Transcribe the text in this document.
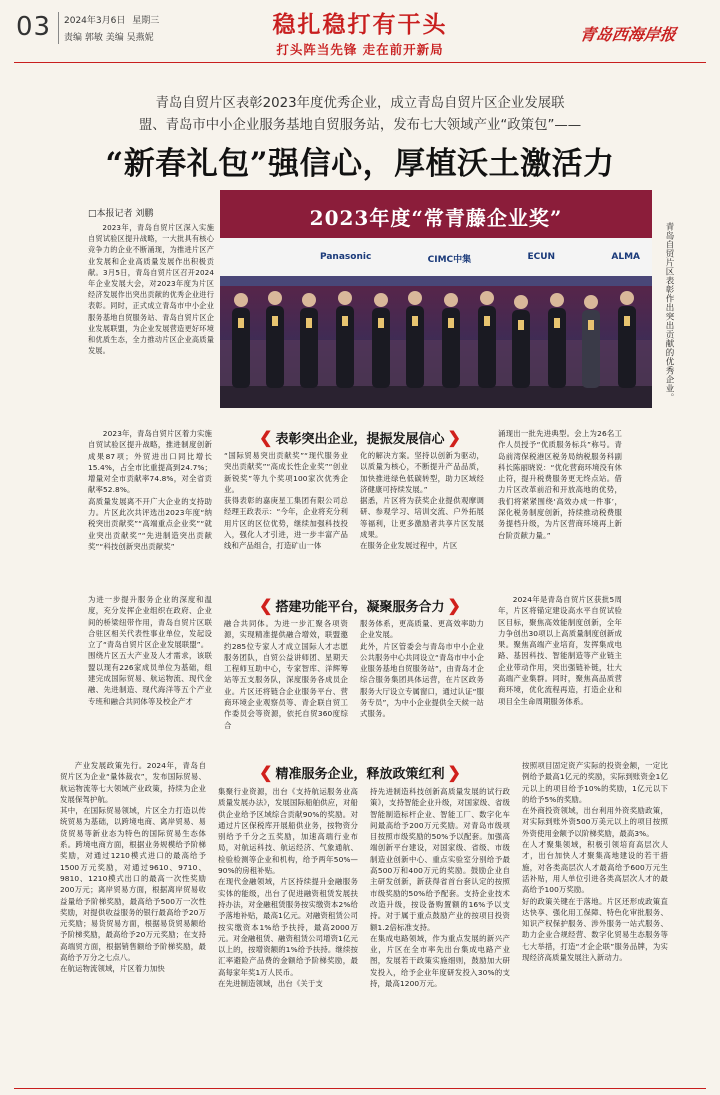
03 2024年3月6日 星期三
责编 郭敏 美编 吴燕妮	稳扎稳打有干头
打头阵当先锋 走在前开新局
青岛西海岸报
青岛自贸片区表彰2023年度优秀企业，成立青岛自贸片区企业发展联
盟、青岛市中小企业服务基地自贸服务站，发布七大领域产业“政策包”——
“新春礼包”强信心，厚植沃土激活力
□本报记者 刘鹏
2023年，青岛自贸片区深入实施自贸试验区提升战略，一大批具有核心竞争力的企业不断涌现，为推进片区产业发展和企业高质量发展作出积极贡献。3月5日，青岛自贸片区召开2024年企业发展大会，对2023年度为片区经济发展作出突出贡献的优秀企业进行表彰。同时，正式成立青岛市中小企业服务基地自贸服务站、青岛自贸片区企业发展联盟，为企业发展营造更好环境和优质生态，全力推动片区企业高质量发展。
2023年度“常青藤企业奖”
Panasonic	CIMC中集	ECUN	ALMA	青岛自贸片区表彰作出突出贡献的优秀企业。
❮ 表彰突出企业，提振发展信心 ❯
2023年，青岛自贸片区着力实施自贸试验区提升战略，推进制度创新成果87项；外贸进出口同比增长15.4%，占全市比重提高到24.7%；增量对全市贡献率74.8%，对全省贡献率52.8%。
高质量发展离不开广大企业的支持助力。片区此次共评选出2023年度“纳税突出贡献奖”“高端重点企业奖”“就业突出贡献奖”“先进制造突出贡献奖”“科技创新突出贡献奖”
“国际贸易突出贡献奖”“现代服务业突出贡献奖”“高成长性企业奖”“创业新锐奖”等九个奖项100家次优秀企业。
获得表彰的嘉庚星工集团有限公司总经理王政表示：“今年，企业将充分利用片区的区位优势，继续加强科技投入，强化人才引进，进一步丰富产品线和产品组合，打造矿山一体
化的解决方案。坚持以创新为驱动，以质量为核心，不断提升产品品质，加快推进绿色低碳转型，助力区域经济健康可持续发展。”
据悉，片区将为获奖企业提供观摩调研、参观学习、培训交流、户外拓展等福利，让更多激励者共享片区发展成果。
在服务企业发展过程中，片区
涌现出一批先进典型。会上为26名工作人员授予“优质服务标兵”称号。青岛前湾保税港区税务局纳税服务科副科长陈丽晓说：“优化营商环境没有休止符，提升税费服务更无终点站。借力片区改革前沿和开放高地的优势，我们将紧紧围绕‘高效办成一件事’，深化税务制度创新，持续推动税费服务提档升级，为片区营商环境再上新台阶贡献力量。”
❮ 搭建功能平台，凝聚服务合力 ❯
为进一步提升服务企业的深度和温度，充分发挥企业组织在政府、企业间的桥梁纽带作用，青岛自贸片区联合驻区相关代表性事业单位，发起设立了“青岛自贸片区企业发展联盟”。
围绕片区五大产业及人才需求，该联盟以现有226家成员单位为基础，组建完成国际贸易、航运物流、现代金融、先进制造、现代海洋等五个产业专班和融合共同体等及校企产才
融合共同体。为进一步汇聚各项资源，实现精准提供融合增效，联盟邀约285位专家人才成立国际人才志愿服务团队，自贸公益讲师团、星期天工程师互助中心，专家智库、洋辉筹站等五支服务队，深度服务各成员企业。片区还将链合企业服务平台、营商环境企业观察员等、青企联自贸工作委员会等资源，依托自贸360度综合
服务体系，更高质量、更高效率助力企业发展。
此外，片区管委会与青岛市中小企业公共服务中心共同设立“青岛市中小企业服务基地自贸服务站”，由青岛才企综合服务集团具体运营，在片区政务服务大厅设立专属窗口，通过认证“服务专员”，为中小企业提供全天候一站式服务。
2024年是青岛自贸片区获批5周年，片区将锚定建设高水平自贸试验区目标，聚焦高效能制度创新，全年力争创出30项以上高质量制度创新成果。聚焦高端产业培育，发挥集成电路、基因科技、智能制造等产业链主企业带动作用，突出强链补链，壮大高端产业集群。同时，聚焦高品质营商环境，优化流程再造，打造企业和项目全生命周期服务体系。
❮ 精准服务企业，释放政策红利 ❯
产业发展政策先行。2024年，青岛自贸片区为企业“量体裁衣”，发布国际贸易、航运物流等七大领域产业政策，持续为企业发展保驾护航。
其中，在国际贸易领域，片区全力打造以传统贸易为基础，以跨境电商、离岸贸易、易货贸易等新业态为特色的国际贸易生态体系。跨境电商方面，根据业务规模给予阶梯奖励，对通过1210模式进口的最高给予1500万元奖励，对通过9610、9710、9810、1210模式出口的最高一次性奖励200万元；离岸贸易方面，根据离岸贸易收益量给予阶梯奖励，最高给予500万一次性奖励，对提供收益服务的银行最高给予20万元奖励；易货贸易方面，根据易货贸易额给予阶梯奖励，最高给予20万元奖励；在支持高端贸方面，根据销售额给予阶梯奖励，最高给予万分之七点八。
在航运物流领域，片区着力加快
集聚行业资源，出台《支持航运服务业高质量发展办法》，发展国际船舶供应，对船供企业给予区域综合贡献90%的奖励。对通过片区保税库开展船供业务，按物资分别给予千分之五奖励，加速高端行业布局，对航运科技、航运经济、气象通航、检验检测等企业和机构，给予两年50%—90%的房租补贴。
在现代金融领域，片区持续提升金融服务实体的能级，出台了促进融资租赁发展扶持办法，对金融租赁服务按实缴资本2%给予落地补贴，最高1亿元。对融资租赁公司按实缴资本1%给予扶持，最高2000万元。对金融租赁、融资租赁公司增资1亿元以上的，按增资额的1%给予扶持。继续按汇率避险产品费的金额给予阶梯奖励，最高每家年奖1万人民币。
在先进制造领域，出台《关于支
持先进制造科技创新高质量发展的试行政策》，支持智能企业升级，对国家级、省级智能制造标杆企业、智能工厂、数字化车间最高给予200万元奖励。对青岛市级项目按照市级奖励的50%予以配套。加强高端创新平台建设，对国家级、省级、市级制造业创新中心、重点实验室分别给予最高500万和400万元的奖励。鼓励企业自主研发创新，新获得省首台套认定的按照市级奖励的50%给予配套。支持企业技术改造升级，按设备购置额的16%予以支持。对于属于重点鼓励产业的按项目投资额1.2倍标准支持。
在集成电路领域，作为重点发展的新兴产业，片区在全市率先出台集成电路产业图，发展若干政策实施细则，鼓励加大研发投入，给予企业年度研发投入30%的支持，最高1200万元。
按照项目固定资产实际的投资金额，一定比例给予最高1亿元的奖励，实际到账资金1亿元以上的项目给予10%的奖励，1亿元以下的给予5%的奖励。
在外商投资领域，出台利用外资奖励政策，对实际到账外资500万美元以上的项目按照外资使用金额予以阶梯奖励，最高3%。
在人才聚集领域，积极引领培育高层次人才，出台加快人才聚集高地建设的若干措施，对各类高层次人才最高给予600万元生活补贴，用人单位引进各类高层次人才的最高给予100万奖励。
好的政策关键在于落地。片区还形成政策直达快享、强化用工保障、特色化审批服务、知识产权保护服务、涉外服务一站式服务、助力企业合规经营、数字化贸易生态服务等七大举措，打造“才企企联”服务品牌，为实现经济高质量发展注入新动力。
